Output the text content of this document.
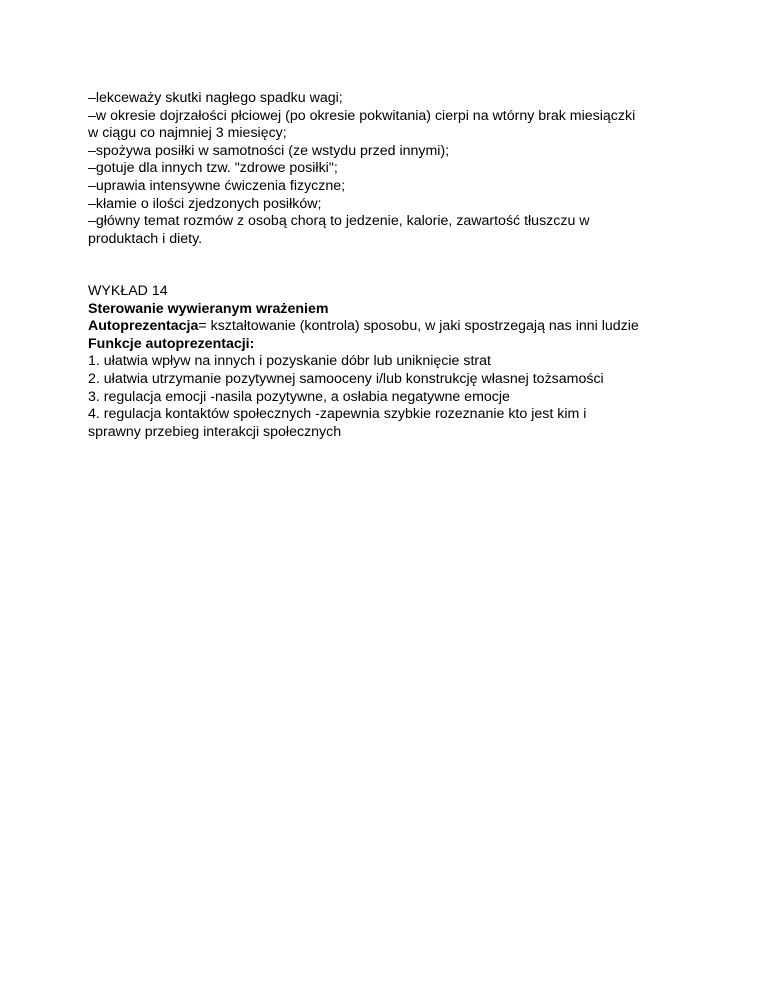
–lekceważy skutki nagłego spadku wagi;
–w okresie dojrzałości płciowej (po okresie pokwitania) cierpi na wtórny brak miesiączki
w ciągu co najmniej 3 miesięcy;
–spożywa posiłki w samotności (ze wstydu przed innymi);
–gotuje dla innych tzw. "zdrowe posiłki";
–uprawia intensywne ćwiczenia fizyczne;
–kłamie o ilości zjedzonych posiłków;
–główny temat rozmów z osobą chorą to jedzenie, kalorie, zawartość tłuszczu w
produktach i diety.
WYKŁAD 14
Sterowanie wywieranym wrażeniem
Autoprezentacja= kształtowanie (kontrola) sposobu, w jaki spostrzegają nas inni ludzie
Funkcje autoprezentacji:
1. ułatwia wpływ na innych i pozyskanie dóbr lub uniknięcie strat
2. ułatwia utrzymanie pozytywnej samooceny i/lub konstrukcję własnej tożsamości
3. regulacja emocji -nasila pozytywne, a osłabia negatywne emocje
4. regulacja kontaktów społecznych -zapewnia szybkie rozeznanie kto jest kim i
sprawny przebieg interakcji społecznych
